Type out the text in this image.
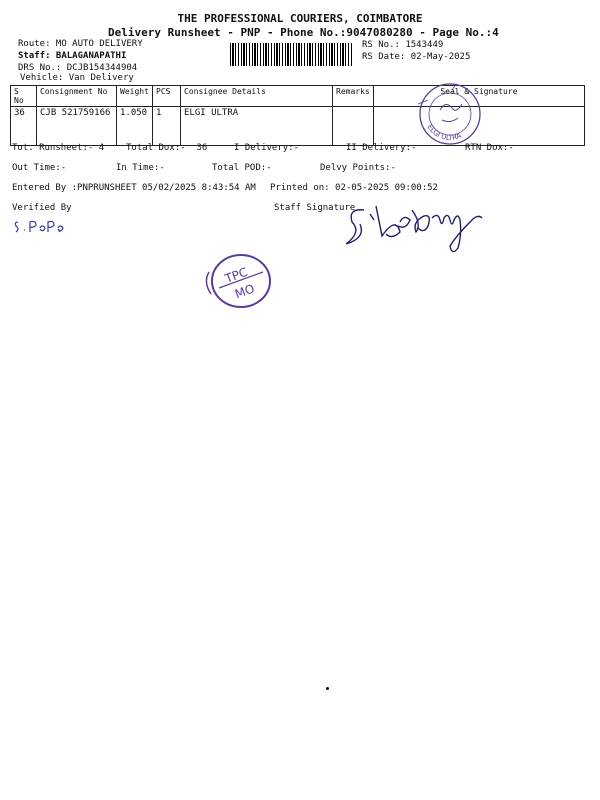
THE PROFESSIONAL COURIERS, COIMBATORE
Delivery Runsheet - PNP - Phone No.:9047080280 - Page No.:4
Route: MO AUTO DELIVERY
Staff: BALAGANAPATHI
DRS No.: DCJB154344904
Vehicle: Van Delivery
RS No.: 1543449
RS Date: 02-May-2025
S No	Consignment No	Weight	PCS	Consignee Details	Remarks	Seal & Signature
36	CJB 521759166	1.050	1	ELGI ULTRA		
ELGI ULTRA
Tot. Runsheet:- 4 Total Dox:-  36	I Delivery:-	II Delivery:-	RTN Dox:-
Out Time:-	In Time:-	Total POD:-	Delvy Points:-
Entered By :PNPRUNSHEET 05/02/2025 8:43:54 AM Printed on: 02-05-2025 09:00:52
Verified By	Staff Signature
TPC
MO
